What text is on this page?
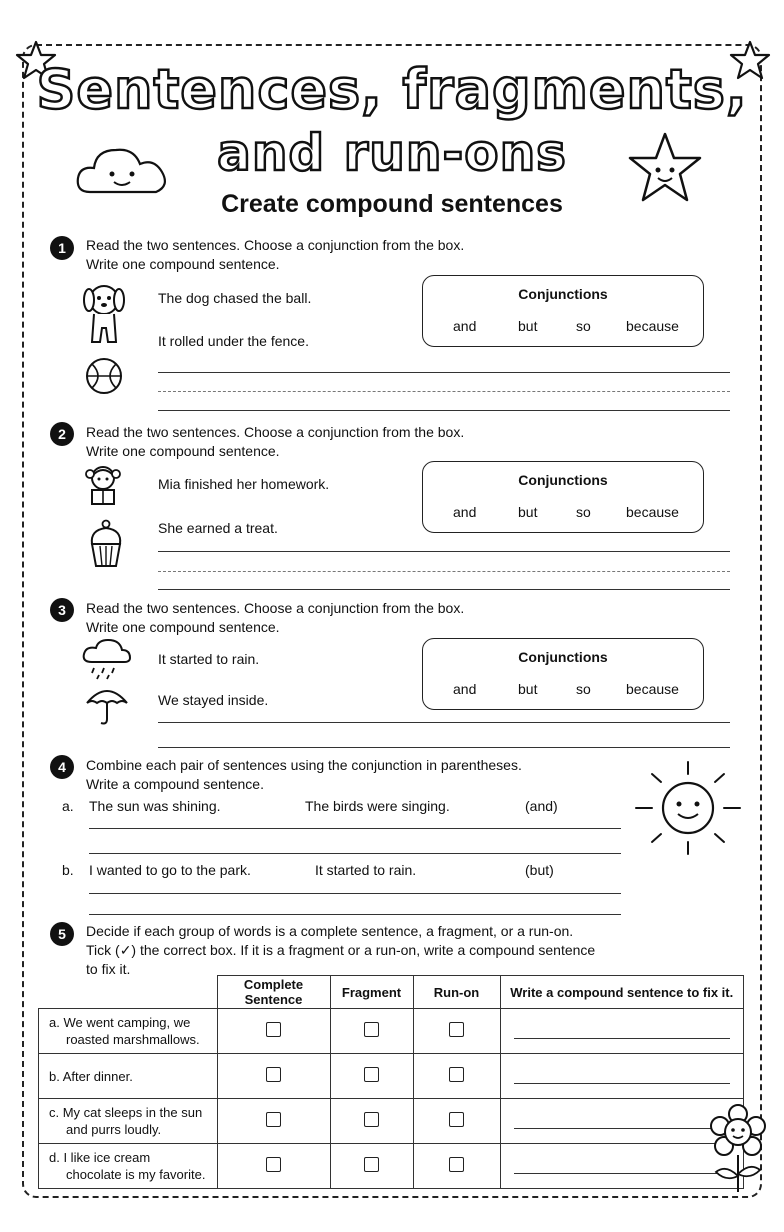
Sentences, fragments,
and run-ons
Create compound sentences
1	Read the two sentences. Choose a conjunction from the box.
Write one compound sentence.
The dog chased the ball.
It rolled under the fence.
Conjunctions
and	but	so	because
2	Read the two sentences. Choose a conjunction from the box.
Write one compound sentence.
Mia finished her homework.
She earned a treat.
Conjunctions
and	but	so	because
3	Read the two sentences. Choose a conjunction from the box.
Write one compound sentence.
It started to rain.
We stayed inside.
Conjunctions
and	but	so	because
4	Combine each pair of sentences using the conjunction in parentheses.
Write a compound sentence.
a. The sun was shining.	The birds were singing.	(and)
b. I wanted to go to the park.	It started to rain.	(but)
5	Decide if each group of words is a complete sentence, a fragment, or a run-on.
Tick (✓) the correct box. If it is a fragment or a run-on, write a compound sentence
to fix it.
	Complete Sentence	Fragment	Run-on	Write a compound sentence to fix it.

a. We went camping, we
roasted marshmallows.				

b. After dinner.				

c. My cat sleeps in the sun
and purrs loudly.				

d. I like ice cream
chocolate is my favorite.				
